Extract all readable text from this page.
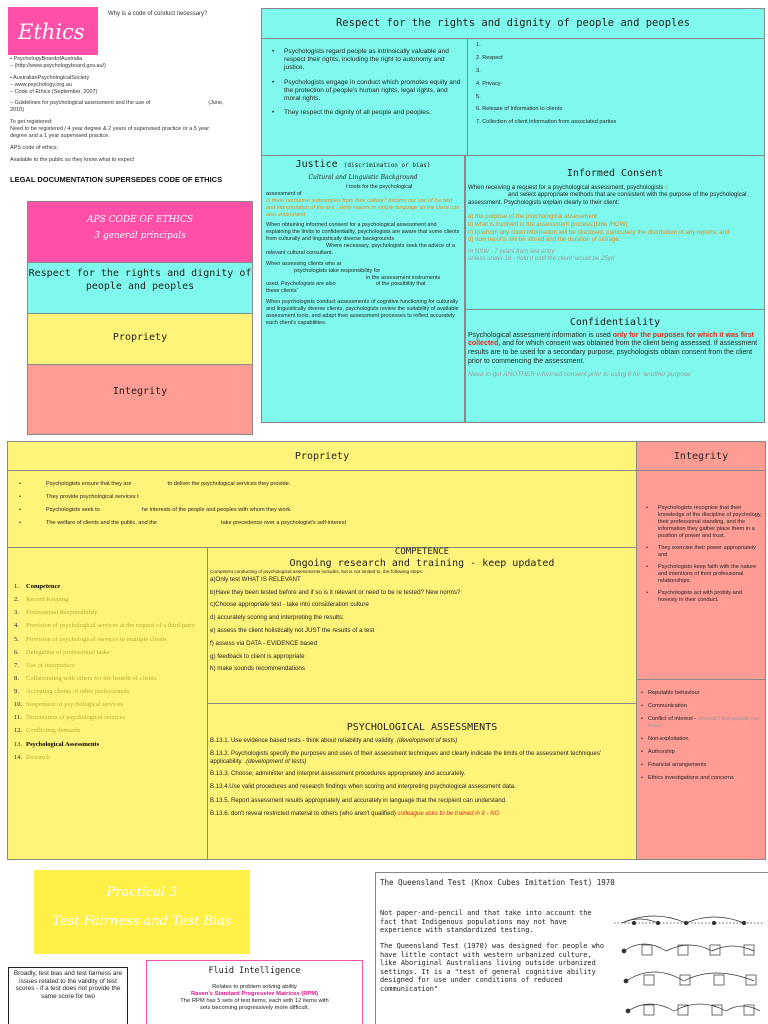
Ethics
Why is a code of conduct necessary?
• PsychologyBoardofAustralia
– (http://www.psychologyboard.gov.au/)
• AustralianPsychologicalSociety
– www.psychology.org.au
– Code of Ethics (September, 2007)
– Guidelines for psychological assessment and the use of	(June,
2010)
To get registered:
Need to be registered / 4 year degree & 2 years of supervised practice or a 5 year
degree and a 1 year supervised practice.
APS code of ethics:
Available to the public so they know what to expect
LEGAL DOCUMENTATION SUPERSEDES CODE OF ETHICS
APS CODE OF ETHICS
3 general principals
Respect for the rights and dignity of people and peoples
Propriety
Integrity
Respect for the rights and dignity of people and peoples
• Psychologists regard people as intrinsically valuable and respect their rights, including the right to autonomy and justice.
• Psychologists engage in conduct which promotes equity and the protection of people's human rights, legal rights, and moral rights.
• They respect the dignity of all people and peoples.
1.
2. Respect
3.
4. Privacy
5.
6. Release of Information to clients
7. Collection of client information from associated parties
Justice (discrimination or bias)
Cultural and Linguistic Background

t tools for the psychological
assessment of
Is there normative subsamples from their culture? Informs our use of the test and interpretation of the test . Write reports in simple language so the client can also understand

When obtaining informed consent for a psychological assessment and explaining the limits to confidentiality, psychologists are aware that some clients from culturally and linguistically diverse backgrounds
Where necessary, psychologists seek the advice of a relevant cultural consultant.

When assessing clients who ar
psychologists take responsibility for
in the assessment instruments
used. Psychologists are also	of the possibility that
these clients'

When psychologists conduct assessments of cognitive functioning for culturally and linguistically diverse clients, psychologists review the suitability of available assessment tools, and adapt their assessment processes to reflect accurately each client's capabilities.

Informed Consent
When receiving a request for a psychological assessment, psychologists c
and select appropriate methods that are consistent with the purpose of the psychological assessment. Psychologists explain clearly to their client:
a) the purpose of the psychological assessment;
b) what is involved in the assessment process;(time /HOW)
c) to whom any client information will be disclosed, particularly the distribution of any reports; and
d) how reports will be stored and the duration of storage.
In NSW - 7 years from last entry
unless under 18 - hold it until the client 'would be 25yo'
Confidentiality
Psychological assessment information is used only for the purposes for which it was first collected, and for which consent was obtained from the client being assessed. If assessment results are to be used for a secondary purpose, psychologists obtain consent from the client prior to commencing the assessment.
Need to get ANOTHER informed consent prior to using it for 'another purpose'
Propriety
• Psychologists ensure that they are	to deliver the psychological services they provide.
• They provide psychological services t
• Psychologists seek to	he interests of the people and peoples with whom they work.
• The welfare of clients and the public, and the	take precedence over a psychologist's self-interest
1.	Competence
2.	Record Keeping
3.	Professional Responsibility
4.	Provision of psychological services at the request of a third party
5.	Provision of psychological services to multiple clients
6.	Delegation of professional tasks
7.	Use of interpreters
8.	Collaborating with others for the benefit of clients
9.	Accepting clients of other professionals
10. Suspension of psychological services
11. Termination of psychological services
12. Conflicting demands
13. Psychological Assessments
14. Research
COMPETENCE
Ongoing research and training - keep updated
Competent conducting of psychological assessments includes, but is not limited to, the following steps:
a)Only test WHAT IS RELEVANT
b)Have they been tested before and if so is it relevant or need to be re tested? New norms?
c)Choose appropriate test - take into consideration culture
d) accurately scoring and interpreting the results;
e) assess the client holistically not JUST the results of a test
f) assess via DATA - EVIDENCE based
g) feedback to client is appropriate
h) make sounds recommendations
PSYCHOLOGICAL ASSESSMENTS
B.13.1. Use evidence based tests - think about reliability and validity .(development of tests)
B.13.2. Psychologists specify the purposes and uses of their assessment techniques and clearly indicate the limits of the assessment techniques' applicability. .(development of tests)
B.13.3. Choose, administer and interpret assessment procedures appropriately and accurately.
B.13.4.Use valid procedures and research findings when scoring and interpreting psychological assessment data.
B.13.5. Report assessment results appropriately and accurately in language that the recipient can understand.
B.13.6. don't reveal restricted material to others (who aren't qualified) colleague asks to be trained in it - NO
Integrity
• Psychologists recognise that their knowledge of the discipline of psychology, their professional standing, and the information they gather place them in a position of power and trust.
• They exercise their power appropriately and
• Psychologists keep faith with the nature and intentions of their professional relationships.
• Psychologists act with probity and honesty in their conduct.
• Reputable behaviour
• Communication
• Conflict of interest - shouldn't test people you know!
• Non-exploitation
• Authorship
• Financial arrangements
• Ethics investigations and concerns
Practical 3
Test Fairness and Test Bias
Broadly, test bias and test fairness are issues related to the validity of test scores - if a test does not provide the same score for two
Fluid Intelligence
Relates to problem solving ability
Raven's Standard Progressive Matrices (RPM)
The RPM has 5 sets of test items, each with 12 items with
sets becoming progressively more difficult.
The Queensland Test (Knox Cubes Imitation Test) 1970

Not paper-and-pencil and that take into account the fact that Indigenous populations may not have experience with standardized testing.

The Queensland Test (1970) was designed for people who have little contact with western urbanized culture, like Aboriginal Australians living outside urbanized settings. It is a "test of general cognitive ability designed for use under conditions of reduced communication"
